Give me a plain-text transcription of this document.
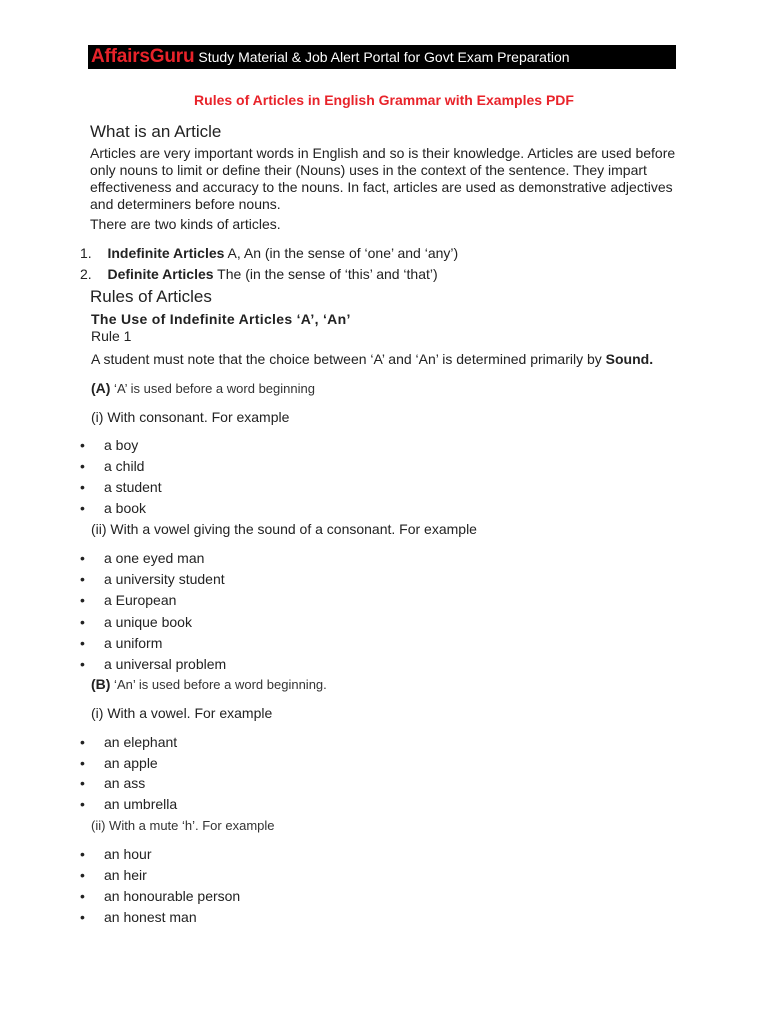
AffairsGuru Study Material & Job Alert Portal for Govt Exam Preparation
Rules of Articles in English Grammar with Examples PDF
What is an Article
Articles are very important words in English and so is their knowledge. Articles are used before only nouns to limit or define their (Nouns) uses in the context of the sentence. They impart effectiveness and accuracy to the nouns. In fact, articles are used as demonstrative adjectives and determiners before nouns.
There are two kinds of articles.
1. Indefinite Articles A, An (in the sense of ‘one’ and ‘any’)
2. Definite Articles The (in the sense of ‘this’ and ‘that’)
Rules of Articles
The Use of Indefinite Articles ‘A’, ‘An’
Rule 1
A student must note that the choice between ‘A’ and ‘An’ is determined primarily by Sound.
(A) ‘A’ is used before a word beginning
(i) With consonant. For example
• a boy
• a child
• a student
• a book
(ii) With a vowel giving the sound of a consonant. For example
• a one eyed man
• a university student
• a European
• a unique book
• a uniform
• a universal problem
(B) ‘An’ is used before a word beginning.
(i) With a vowel. For example
• an elephant
• an apple
• an ass
• an umbrella
(ii) With a mute ‘h’. For example
• an hour
• an heir
• an honourable person
• an honest man
